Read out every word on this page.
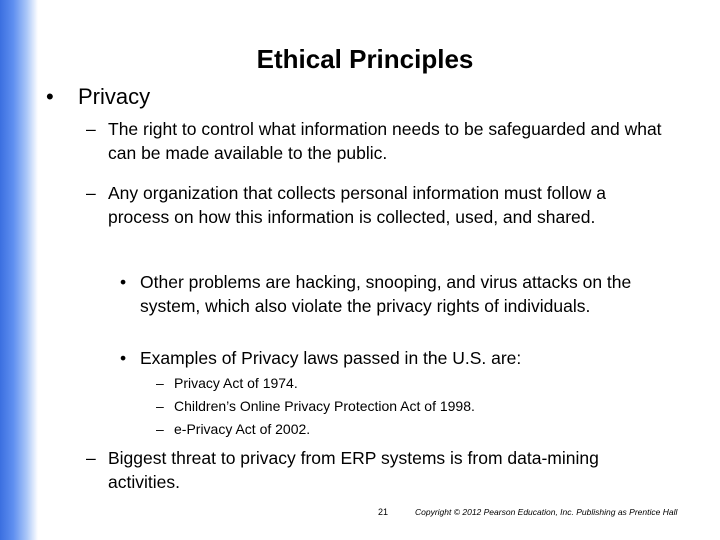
Ethical Principles
• Privacy
– The right to control what information needs to be safeguarded and what can be made available to the public.
– Any organization that collects personal information must follow a process on how this information is collected, used, and shared.
• Other problems are hacking, snooping, and virus attacks on the system, which also violate the privacy rights of individuals.
• Examples of Privacy laws passed in the U.S. are:
– Privacy Act of 1974.
– Children’s Online Privacy Protection Act of 1998.
– e-Privacy Act of 2002.
– Biggest threat to privacy from ERP systems is from data-mining activities.
21	Copyright © 2012 Pearson Education, Inc. Publishing as Prentice Hall
